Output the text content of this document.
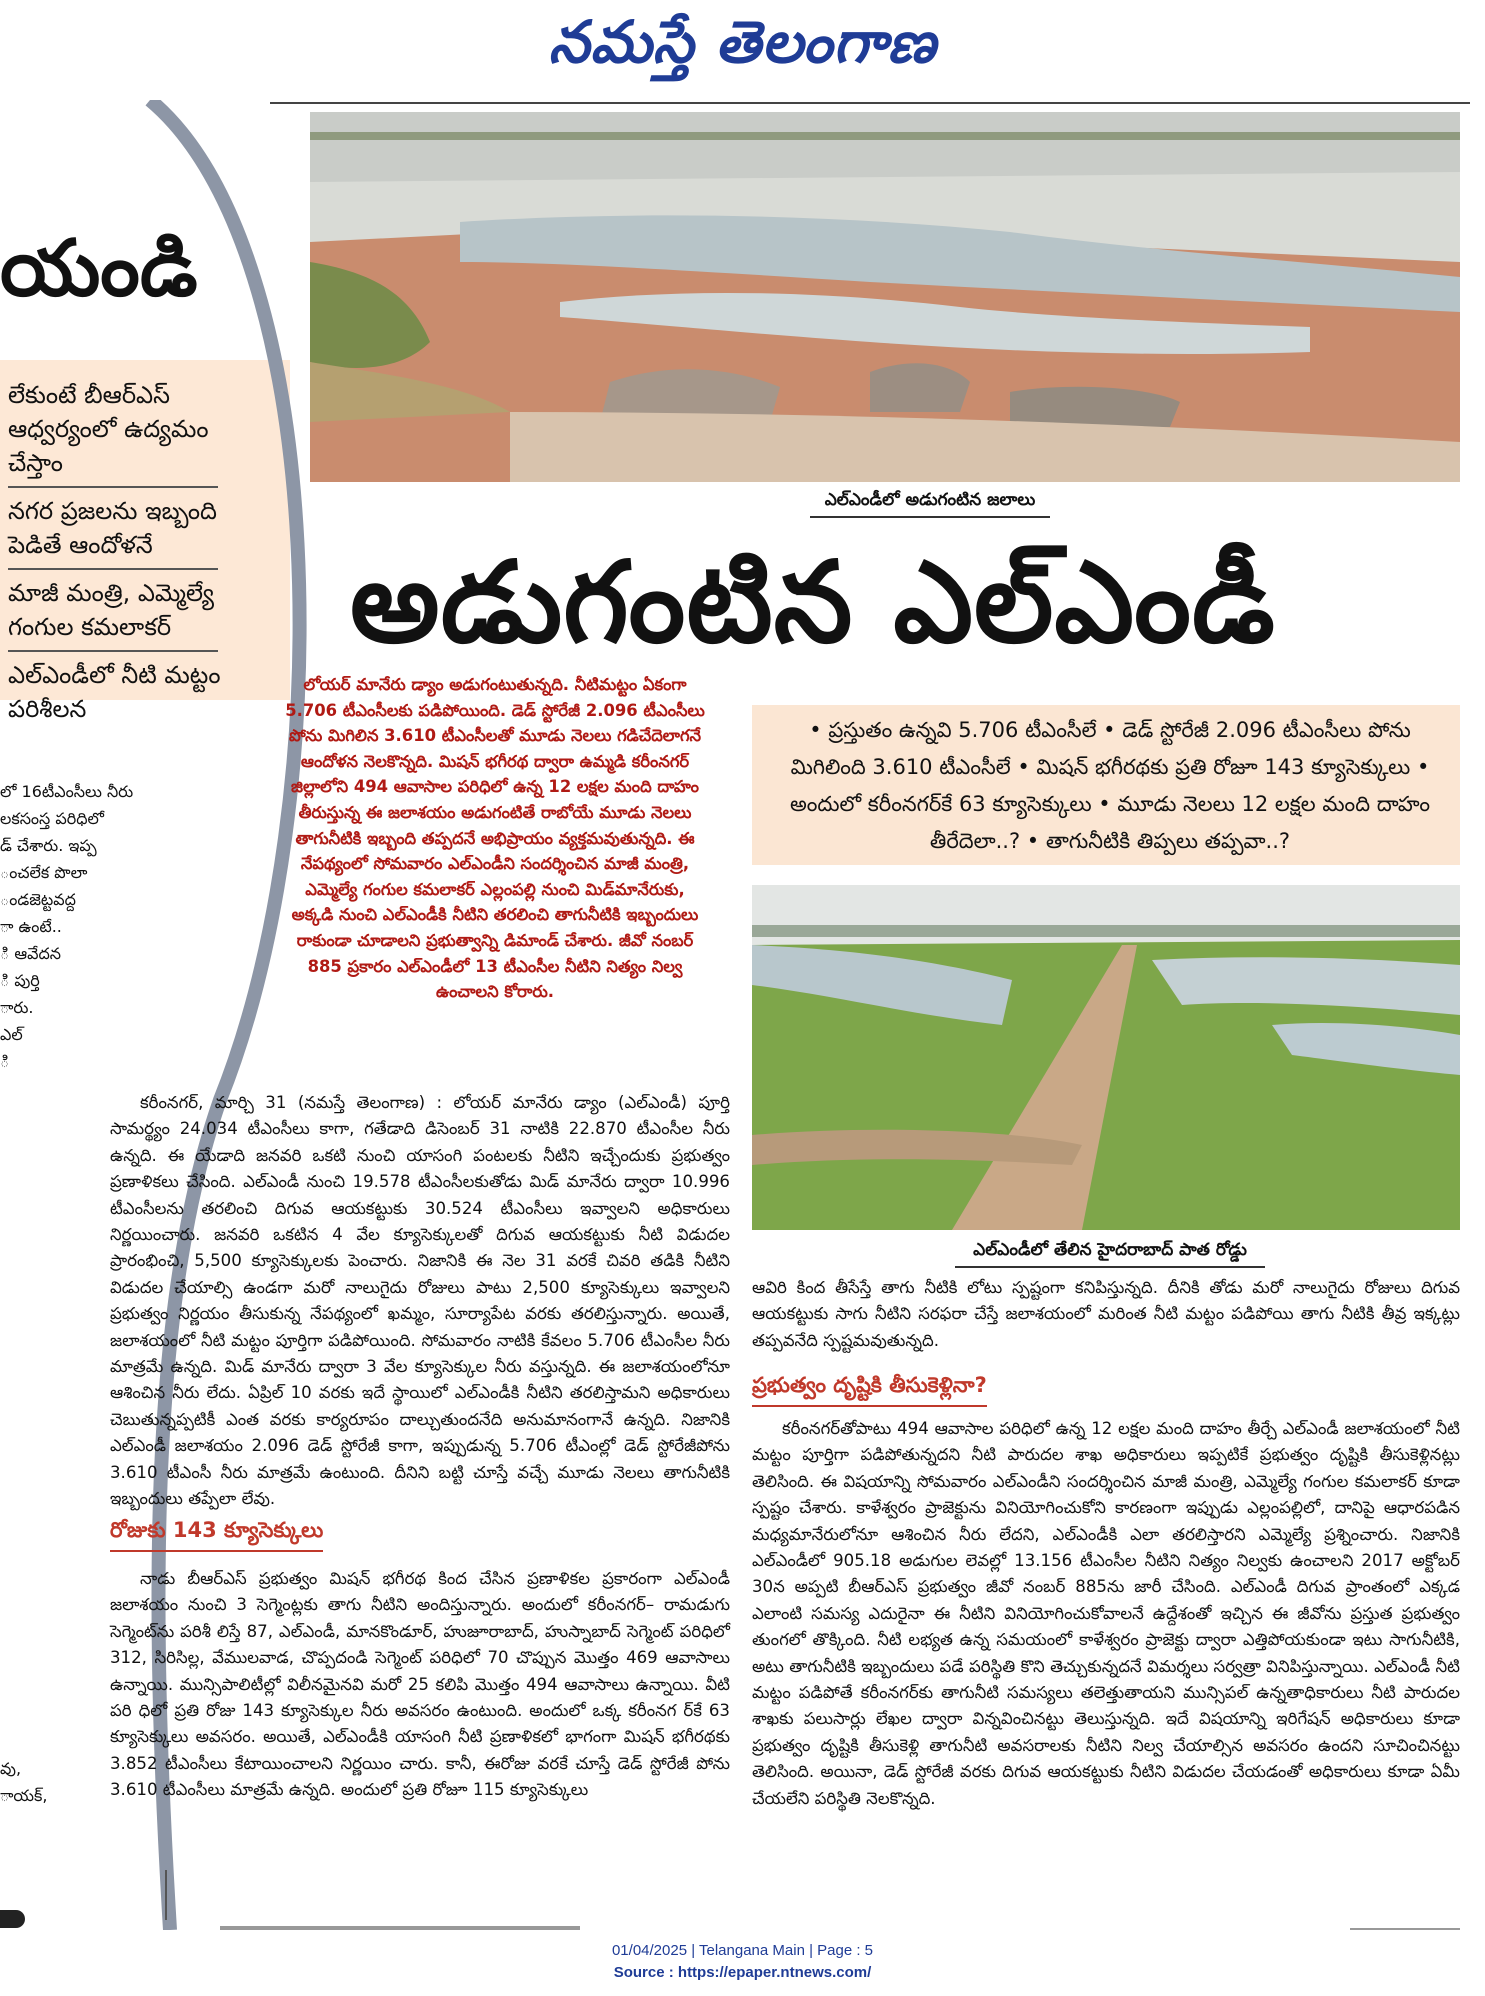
నమస్తే తెలంగాణ
యండి
లేకుంటే బీఆర్ఎస్ ఆధ్వర్యంలో ఉద్యమం చేస్తాం
నగర ప్రజలను ఇబ్బంది పెడితే ఆందోళనే
మాజీ మంత్రి, ఎమ్మెల్యే గంగుల కమలాకర్
ఎల్ఎండీలో నీటి మట్టం పరిశీలన
లో 16టీఎంసీలు నీరు
లకసంస్త పరిధిలో
డ్ చేశారు. ఇప్ప
ంచలేక పొలా
ండజెట్టవద్ద
ా ఉంటే..
ి ఆవేదన
ి పుర్తి
ారు.
ఎల్
ి
వు,
ాయక్,
ఎల్ఎండీలో అడుగంటిన జలాలు
అడుగంటిన ఎల్ఎండీ
లోయర్ మానేరు డ్యాం అడుగంటుతున్నది. నీటిమట్టం ఏకంగా 5.706 టీఎంసీలకు పడిపోయింది. డెడ్ స్టోరేజీ 2.096 టీఎంసీలు పోను మిగిలిన 3.610 టీఎంసీలతో మూడు నెలలు గడిచేదెలాగనే ఆందోళన నెలకొన్నది. మిషన్ భగీరథ ద్వారా ఉమ్మడి కరీంనగర్ జిల్లాలోని 494 ఆవాసాల పరిధిలో ఉన్న 12 లక్షల మంది దాహం తీరుస్తున్న ఈ జలాశయం అడుగంటితే రాబోయే మూడు నెలలు తాగునీటికి ఇబ్బంది తప్పదనే అభిప్రాయం వ్యక్తమవుతున్నది. ఈ నేపథ్యంలో సోమవారం ఎల్ఎండీని సందర్శించిన మాజీ మంత్రి, ఎమ్మెల్యే గంగుల కమలాకర్ ఎల్లంపల్లి నుంచి మిడ్‌మానేరుకు, అక్కడి నుంచి ఎల్ఎండీకి నీటిని తరలించి తాగునీటికి ఇబ్బందులు రాకుండా చూడాలని ప్రభుత్వాన్ని డిమాండ్ చేశారు. జీవో నంబర్ 885 ప్రకారం ఎల్ఎండీలో 13 టీఎంసీల నీటిని నిత్యం నిల్వ ఉంచాలని కోరారు.
• ప్రస్తుతం ఉన్నవి 5.706 టీఎంసీలే • డెడ్ స్టోరేజీ 2.096 టీఎంసీలు పోను మిగిలింది 3.610 టీఎంసీలే • మిషన్ భగీరథకు ప్రతి రోజూ 143 క్యూసెక్కులు • అందులో కరీంనగర్‌కే 63 క్యూసెక్కులు • మూడు నెలలు 12 లక్షల మంది దాహం తీరేదెలా..? • తాగునీటికి తిప్పలు తప్పవా..?
ఎల్ఎండీలో తేలిన హైదరాబాద్ పాత రోడ్డు
కరీంనగర్, మార్చి 31 (నమస్తే తెలంగాణ) : లోయర్ మానేరు డ్యాం (ఎల్ఎండీ) పూర్తి సామర్థ్యం 24.034 టీఎంసీలు కాగా, గతేడాది డిసెంబర్ 31 నాటికి 22.870 టీఎంసీల నీరు ఉన్నది. ఈ యేడాది జనవరి ఒకటి నుంచి యాసంగి పంటలకు నీటిని ఇచ్చేందుకు ప్రభుత్వం ప్రణాళికలు చేసింది. ఎల్ఎండీ నుంచి 19.578 టీఎంసీలకుతోడు మిడ్ మానేరు ద్వారా 10.996 టీఎంసీలను తరలించి దిగువ ఆయకట్టుకు 30.524 టీఎంసీలు ఇవ్వాలని అధికారులు నిర్ణయించారు. జనవరి ఒకటిన 4 వేల క్యూసెక్కులతో దిగువ ఆయకట్టుకు నీటి విడుదల ప్రారంభించి, 5,500 క్యూసెక్కులకు పెంచారు. నిజానికి ఈ నెల 31 వరకే చివరి తడికి నీటిని విడుదల చేయాల్సి ఉండగా మరో నాలుగైదు రోజులు పాటు 2,500 క్యూసెక్కులు ఇవ్వాలని ప్రభుత్వం నిర్ణయం తీసుకున్న నేపథ్యంలో ఖమ్మం, సూర్యాపేట వరకు తరలిస్తున్నారు. అయితే, జలాశయంలో నీటి మట్టం పూర్తిగా పడిపోయింది. సోమవారం నాటికి కేవలం 5.706 టీఎంసీల నీరు మాత్రమే ఉన్నది. మిడ్ మానేరు ద్వారా 3 వేల క్యూసెక్కుల నీరు వస్తున్నది. ఈ జలాశయంలోనూ ఆశించిన నీరు లేదు. ఏప్రిల్ 10 వరకు ఇదే స్థాయిలో ఎల్ఎండీకి నీటిని తరలిస్తామని అధికారులు చెబుతున్నప్పటికీ ఎంత వరకు కార్యరూపం దాల్చుతుందనేది అనుమానంగానే ఉన్నది. నిజానికి ఎల్ఎండీ జలాశయం 2.096 డెడ్ స్టోరేజీ కాగా, ఇప్పుడున్న 5.706 టీఎంల్లో డెడ్ స్టోరేజీపోను 3.610 టీఎంసీ నీరు మాత్రమే ఉంటుంది. దీనిని బట్టి చూస్తే వచ్చే మూడు నెలలు తాగునీటికి ఇబ్బందులు తప్పేలా లేవు.
రోజుకు 143 క్యూసెక్కులు
నాడు బీఆర్ఎస్ ప్రభుత్వం మిషన్ భగీరథ కింద చేసిన ప్రణాళికల ప్రకారంగా ఎల్ఎండీ జలాశయం నుంచి 3 సెగ్మెంట్లకు తాగు నీటిని అందిస్తున్నారు. అందులో కరీంనగర్– రామడుగు సెగ్మెంట్‌ను పరిశీ లిస్తే 87, ఎల్ఎండీ, మానకొండూర్, హుజూరాబాద్, హుస్నాబాద్ సెగ్మెంట్ పరిధిలో 312, సిరిసిల్ల, వేములవాడ, చొప్పదండి సెగ్మెంట్ పరిధిలో 70 చొప్పున మొత్తం 469 ఆవాసాలు ఉన్నాయి. మున్సిపాలిటీల్లో విలీనమైనవి మరో 25 కలిపి మొత్తం 494 ఆవాసాలు ఉన్నాయి. వీటి పరి ధిలో ప్రతి రోజు 143 క్యూసెక్కుల నీరు అవసరం ఉంటుంది. అందులో ఒక్క కరీంనగ ర్‌కే 63 క్యూసెక్కులు అవసరం. అయితే, ఎల్ఎండీకి యాసంగి నీటి ప్రణాళికలో భాగంగా మిషన్ భగీరథకు 3.852 టీఎంసీలు కేటాయించాలని నిర్ణయిం చారు. కానీ, ఈరోజు వరకే చూస్తే డెడ్ స్టోరేజీ పోను 3.610 టీఎంసీలు మాత్రమే ఉన్నది. అందులో ప్రతి రోజూ 115 క్యూసెక్కులు
ఆవిరి కింద తీసేస్తే తాగు నీటికి లోటు స్పష్టంగా కనిపిస్తున్నది. దీనికి తోడు మరో నాలుగైదు రోజులు దిగువ ఆయకట్టుకు సాగు నీటిని సరఫరా చేస్తే జలాశయంలో మరింత నీటి మట్టం పడిపోయి తాగు నీటికి తీవ్ర ఇక్కట్లు తప్పవనేది స్పష్టమవుతున్నది.
ప్రభుత్వం దృష్టికి తీసుకెళ్లినా?
కరీంనగర్‌తోపాటు 494 ఆవాసాల పరిధిలో ఉన్న 12 లక్షల మంది దాహం తీర్చే ఎల్ఎండీ జలాశయంలో నీటి మట్టం పూర్తిగా పడిపోతున్నదని నీటి పారుదల శాఖ అధికారులు ఇప్పటికే ప్రభుత్వం దృష్టికి తీసుకెళ్లినట్లు తెలిసింది. ఈ విషయాన్ని సోమవారం ఎల్ఎండీని సందర్శించిన మాజీ మంత్రి, ఎమ్మెల్యే గంగుల కమలాకర్ కూడా స్పష్టం చేశారు. కాళేశ్వరం ప్రాజెక్టును వినియోగించుకోని కారణంగా ఇప్పుడు ఎల్లంపల్లిలో, దానిపై ఆధారపడిన మధ్యమానేరులోనూ ఆశించిన నీరు లేదని, ఎల్ఎండీకి ఎలా తరలిస్తారని ఎమ్మెల్యే ప్రశ్నించారు. నిజానికి ఎల్ఎండీలో 905.18 అడుగుల లెవల్లో 13.156 టీఎంసీల నీటిని నిత్యం నిల్వకు ఉంచాలని 2017 అక్టోబర్ 30న అప్పటి బీఆర్ఎస్ ప్రభుత్వం జీవో నంబర్ 885ను జారీ చేసింది. ఎల్ఎండీ దిగువ ప్రాంతంలో ఎక్కడ ఎలాంటి సమస్య ఎదురైనా ఈ నీటిని వినియోగించుకోవాలనే ఉద్దేశంతో ఇచ్చిన ఈ జీవోను ప్రస్తుత ప్రభుత్వం తుంగలో తొక్కింది. నీటి లభ్యత ఉన్న సమయంలో కాళేశ్వరం ప్రాజెక్టు ద్వారా ఎత్తిపోయకుండా ఇటు సాగునీటికి, అటు తాగునీటికి ఇబ్బందులు పడే పరిస్థితి కొని తెచ్చుకున్నదనే విమర్శలు సర్వత్రా వినిపిస్తున్నాయి. ఎల్ఎండీ నీటి మట్టం పడిపోతే కరీంనగర్‌కు తాగునీటి సమస్యలు తలెత్తుతాయని మున్సిపల్ ఉన్నతాధికారులు నీటి పారుదల శాఖకు పలుసార్లు లేఖల ద్వారా విన్నవించినట్టు తెలుస్తున్నది. ఇదే విషయాన్ని ఇరిగేషన్ అధికారులు కూడా ప్రభుత్వం దృష్టికి తీసుకెళ్లి తాగునీటి అవసరాలకు నీటిని నిల్వ చేయాల్సిన అవసరం ఉందని సూచించినట్టు తెలిసింది. అయినా, డెడ్ స్టోరేజీ వరకు దిగువ ఆయకట్టుకు నీటిని విడుదల చేయడంతో అధికారులు కూడా ఏమీ చేయలేని పరిస్థితి నెలకొన్నది.
01/04/2025 | Telangana Main | Page : 5
Source : https://epaper.ntnews.com/
